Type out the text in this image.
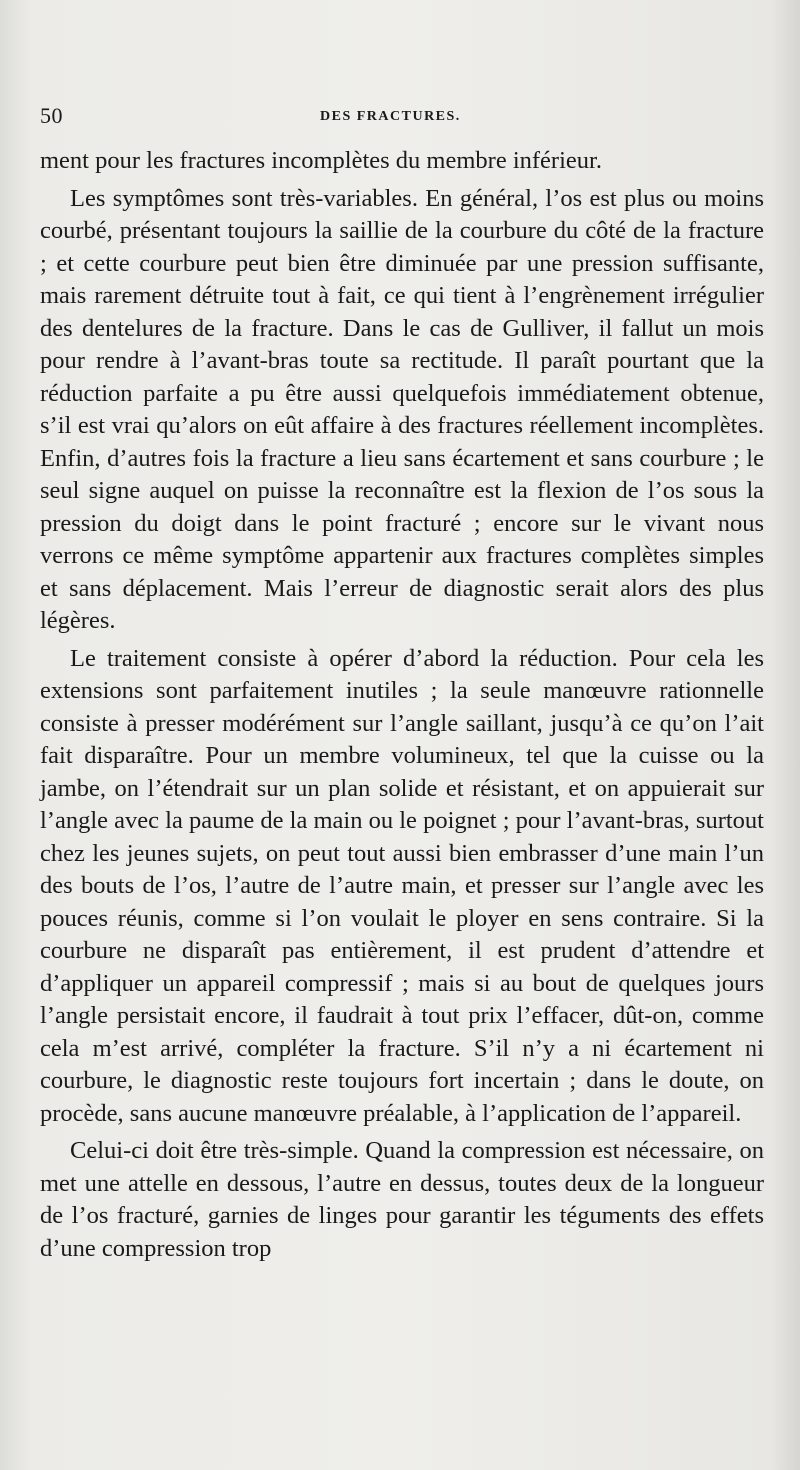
50	DES FRACTURES.

ment pour les fractures incomplètes du membre inférieur.

Les symptômes sont très-variables. En général, l’os est plus ou moins courbé, présentant toujours la saillie de la courbure du côté de la fracture ; et cette courbure peut bien être diminuée par une pression suffisante, mais rarement détruite tout à fait, ce qui tient à l’engrènement irrégulier des dentelures de la fracture. Dans le cas de Gulliver, il fallut un mois pour rendre à l’avant-bras toute sa rectitude. Il paraît pourtant que la réduction parfaite a pu être aussi quelquefois immédiatement obtenue, s’il est vrai qu’alors on eût affaire à des fractures réellement incomplètes. Enfin, d’autres fois la fracture a lieu sans écartement et sans courbure ; le seul signe auquel on puisse la reconnaître est la flexion de l’os sous la pression du doigt dans le point fracturé ; encore sur le vivant nous verrons ce même symptôme appartenir aux fractures complètes simples et sans déplacement. Mais l’erreur de diagnostic serait alors des plus légères.

Le traitement consiste à opérer d’abord la réduction. Pour cela les extensions sont parfaitement inutiles ; la seule manœuvre rationnelle consiste à presser modérément sur l’angle saillant, jusqu’à ce qu’on l’ait fait disparaître. Pour un membre volumineux, tel que la cuisse ou la jambe, on l’étendrait sur un plan solide et résistant, et on appuierait sur l’angle avec la paume de la main ou le poignet ; pour l’avant-bras, surtout chez les jeunes sujets, on peut tout aussi bien embrasser d’une main l’un des bouts de l’os, l’autre de l’autre main, et presser sur l’angle avec les pouces réunis, comme si l’on voulait le ployer en sens contraire. Si la courbure ne disparaît pas entièrement, il est prudent d’attendre et d’appliquer un appareil compressif ; mais si au bout de quelques jours l’angle persistait encore, il faudrait à tout prix l’effacer, dût-on, comme cela m’est arrivé, compléter la fracture. S’il n’y a ni écartement ni courbure, le diagnostic reste toujours fort incertain ; dans le doute, on procède, sans aucune manœuvre préalable, à l’application de l’appareil.

Celui-ci doit être très-simple. Quand la compression est nécessaire, on met une attelle en dessous, l’autre en dessus, toutes deux de la longueur de l’os fracturé, garnies de linges pour garantir les téguments des effets d’une compression trop
